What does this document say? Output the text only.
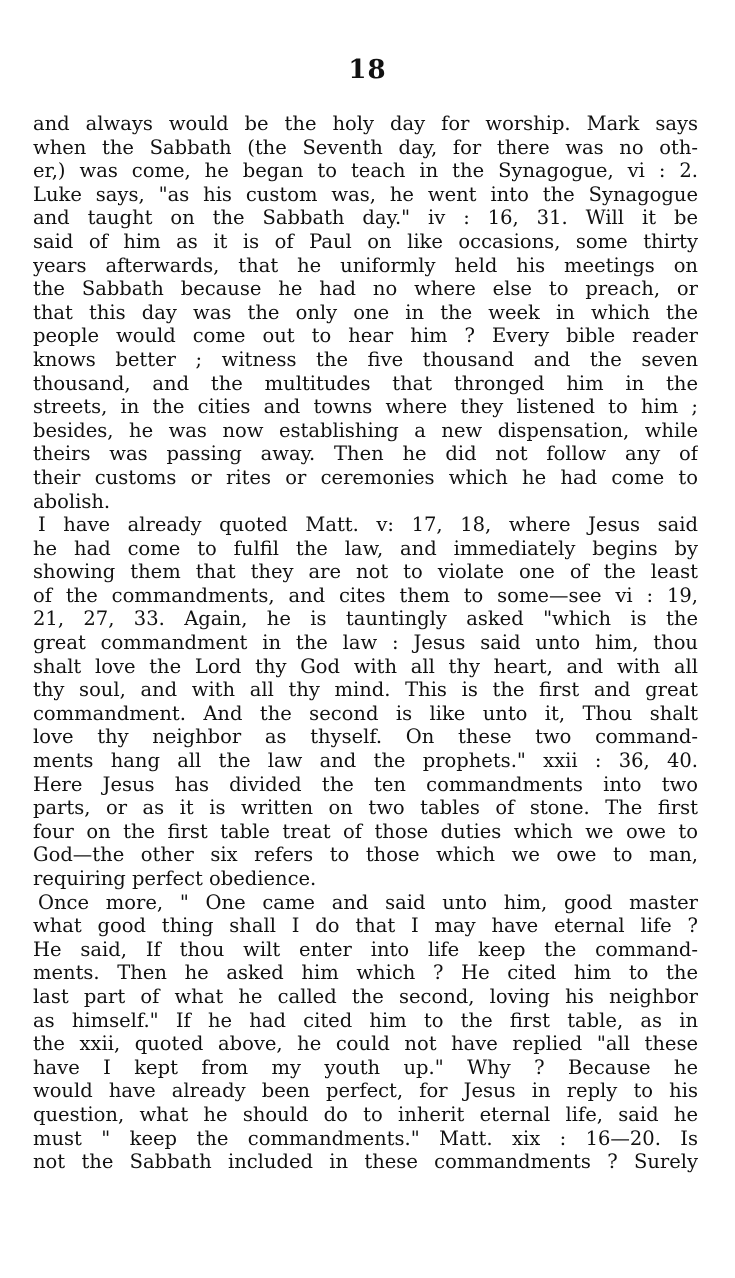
18
and always would be the holy day for worship. Mark says
when the Sabbath (the Seventh day, for there was no oth-
er,) was come, he began to teach in the Synagogue, vi : 2.
Luke says, "as his custom was, he went into the Synagogue
and taught on the Sabbath day." iv : 16, 31. Will it be
said of him as it is of Paul on like occasions, some thirty
years afterwards, that he uniformly held his meetings on
the Sabbath because he had no where else to preach, or
that this day was the only one in the week in which the
people would come out to hear him ? Every bible reader
knows better ; witness the five thousand and the seven
thousand, and the multitudes that thronged him in the
streets, in the cities and towns where they listened to him ;
besides, he was now establishing a new dispensation, while
theirs was passing away. Then he did not follow any of
their customs or rites or ceremonies which he had come to
abolish.
I have already quoted Matt. v: 17, 18, where Jesus said
he had come to fulfil the law, and immediately begins by
showing them that they are not to violate one of the least
of the commandments, and cites them to some—see vi : 19,
21, 27, 33. Again, he is tauntingly asked "which is the
great commandment in the law : Jesus said unto him, thou
shalt love the Lord thy God with all thy heart, and with all
thy soul, and with all thy mind. This is the first and great
commandment. And the second is like unto it, Thou shalt
love thy neighbor as thyself. On these two command-
ments hang all the law and the prophets." xxii : 36, 40.
Here Jesus has divided the ten commandments into two
parts, or as it is written on two tables of stone. The first
four on the first table treat of those duties which we owe to
God—the other six refers to those which we owe to man,
requiring perfect obedience.
Once more, " One came and said unto him, good master
what good thing shall I do that I may have eternal life ?
He said, If thou wilt enter into life keep the command-
ments. Then he asked him which ? He cited him to the
last part of what he called the second, loving his neighbor
as himself." If he had cited him to the first table, as in
the xxii, quoted above, he could not have replied "all these
have I kept from my youth up." Why ? Because he
would have already been perfect, for Jesus in reply to his
question, what he should do to inherit eternal life, said he
must " keep the commandments." Matt. xix : 16—20. Is
not the Sabbath included in these commandments ? Surely
